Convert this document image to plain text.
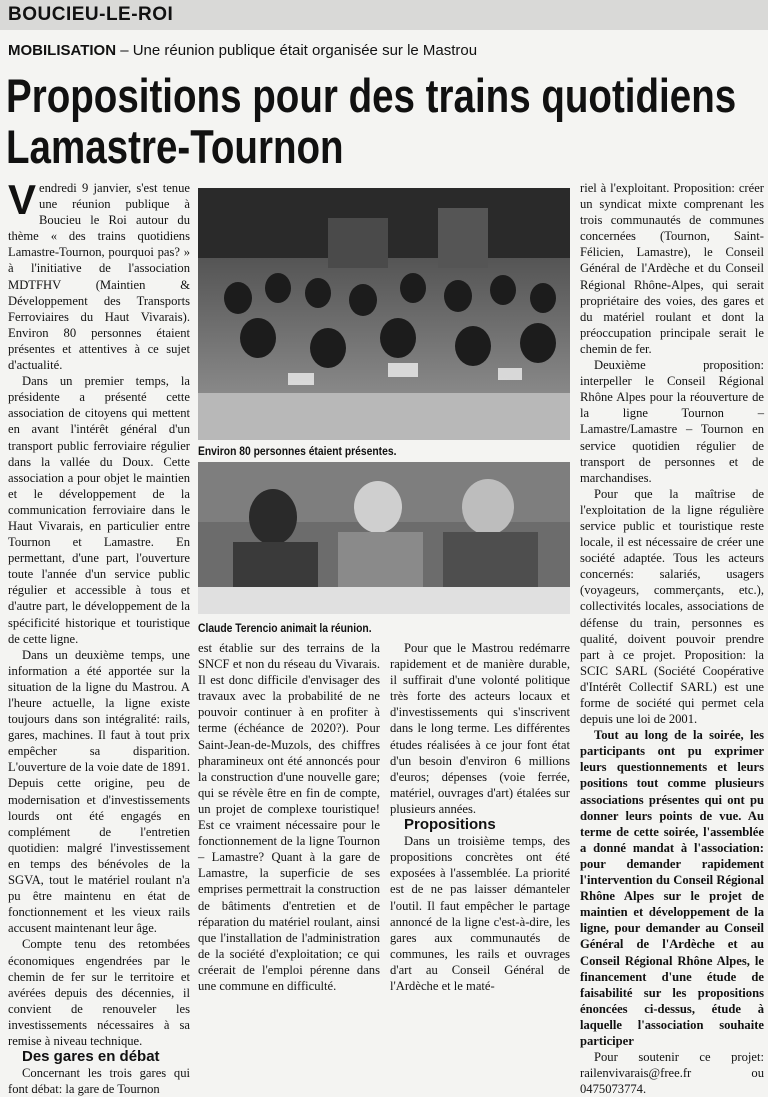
BOUCIEU-LE-ROI
MOBILISATION – Une réunion publique était organisée sur le Mastrou
Propositions pour des trains quotidiens
Lamastre-Tournon

Vendredi 9 janvier, s'est tenue une réunion publique à Boucieu le Roi autour du thème « des trains quotidiens Lamastre-Tournon, pourquoi pas? » à l'initiative de l'association MDTFHV (Maintien & Développement des Transports Ferroviaires du Haut Vivarais). Environ 80 personnes étaient présentes et attentives à ce sujet d'actualité.

Dans un premier temps, la présidente a présenté cette association de citoyens qui mettent en avant l'intérêt général d'un transport public ferroviaire régulier dans la vallée du Doux. Cette association a pour objet le maintien et le développement de la communication ferroviaire dans le Haut Vivarais, en particulier entre Tournon et Lamastre. En permettant, d'une part, l'ouverture toute l'année d'un service public régulier et accessible à tous et d'autre part, le développement de la spécificité historique et touristique de cette ligne.

Dans un deuxième temps, une information a été apportée sur la situation de la ligne du Mastrou. A l'heure actuelle, la ligne existe toujours dans son intégralité: rails, gares, machines. Il faut à tout prix empêcher sa disparition. L'ouverture de la voie date de 1891. Depuis cette origine, peu de modernisation et d'investissements lourds ont été engagés en complément de l'entretien quotidien: malgré l'investissement en temps des bénévoles de la SGVA, tout le matériel roulant n'a pu être maintenu en état de fonctionnement et les vieux rails accusent maintenant leur âge.

Compte tenu des retombées économiques engendrées par le chemin de fer sur le territoire et avérées depuis des décennies, il convient de renouveler les investissements nécessaires à sa remise à niveau technique.

Des gares en débat

Concernant les trois gares qui font débat: la gare de Tournon

Environ 80 personnes étaient présentes.
Claude Terencio animait la réunion.

est établie sur des terrains de la SNCF et non du réseau du Vivarais. Il est donc difficile d'envisager des travaux avec la probabilité de ne pouvoir continuer à en profiter à terme (échéance de 2020?). Pour Saint-Jean-de-Muzols, des chiffres pharamineux ont été annoncés pour la construction d'une nouvelle gare; qui se révèle être en fin de compte, un projet de complexe touristique! Est ce vraiment nécessaire pour le fonctionnement de la ligne Tournon – Lamastre? Quant à la gare de Lamastre, la superficie de ses emprises permettrait la construction de bâtiments d'entretien et de réparation du matériel roulant, ainsi que l'installation de l'administration de la société d'exploitation; ce qui créerait de l'emploi pérenne dans une commune en difficulté.

Pour que le Mastrou redémarre rapidement et de manière durable, il suffirait d'une volonté politique très forte des acteurs locaux et d'investissements qui s'inscrivent dans le long terme. Les différentes études réalisées à ce jour font état d'un besoin d'environ 6 millions d'euros; dépenses (voie ferrée, matériel, ouvrages d'art) étalées sur plusieurs années.

Propositions

Dans un troisième temps, des propositions concrètes ont été exposées à l'assemblée. La priorité est de ne pas laisser démanteler l'outil. Il faut empêcher le partage annoncé de la ligne c'est-à-dire, les gares aux communautés de communes, les rails et ouvrages d'art au Conseil Général de l'Ardèche et le maté-

riel à l'exploitant. Proposition: créer un syndicat mixte comprenant les trois communautés de communes concernées (Tournon, Saint-Félicien, Lamastre), le Conseil Général de l'Ardèche et du Conseil Régional Rhône-Alpes, qui serait propriétaire des voies, des gares et du matériel roulant et dont la préoccupation principale serait le chemin de fer.

Deuxième proposition: interpeller le Conseil Régional Rhône Alpes pour la réouverture de la ligne Tournon – Lamastre/Lamastre – Tournon en service quotidien régulier de transport de personnes et de marchandises.

Pour que la maîtrise de l'exploitation de la ligne régulière service public et touristique reste locale, il est nécessaire de créer une société adaptée. Tous les acteurs concernés: salariés, usagers (voyageurs, commerçants, etc.), collectivités locales, associations de défense du train, personnes es qualité, doivent pouvoir prendre part à ce projet. Proposition: la SCIC SARL (Société Coopérative d'Intérêt Collectif SARL) est une forme de société qui permet cela depuis une loi de 2001.

Tout au long de la soirée, les participants ont pu exprimer leurs questionnements et leurs positions tout comme plusieurs associations présentes qui ont pu donner leurs points de vue. Au terme de cette soirée, l'assemblée a donné mandat à l'association: pour demander rapidement l'intervention du Conseil Régional Rhône Alpes sur le projet de maintien et développement de la ligne, pour demander au Conseil Général de l'Ardèche et au Conseil Régional Rhône Alpes, le financement d'une étude de faisabilité sur les propositions énoncées ci-dessus, étude à laquelle l'association souhaite participer

Pour soutenir ce projet: railenvivarais@free.fr ou 0475073774.
